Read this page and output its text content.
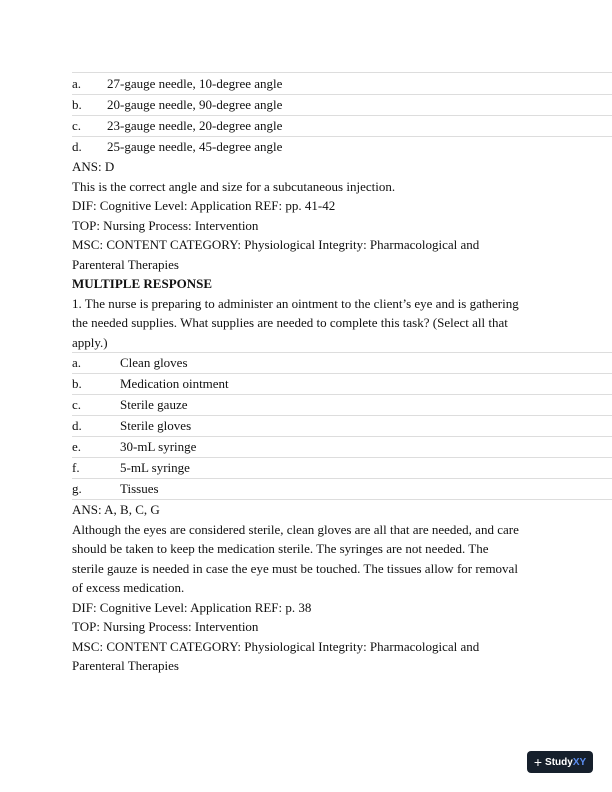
a.	27-gauge needle, 10-degree angle
b.	20-gauge needle, 90-degree angle
c.	23-gauge needle, 20-degree angle
d.	25-gauge needle, 45-degree angle
ANS: D
This is the correct angle and size for a subcutaneous injection.
DIF: Cognitive Level: Application REF: pp. 41-42
TOP: Nursing Process: Intervention
MSC: CONTENT CATEGORY: Physiological Integrity: Pharmacological and
Parenteral Therapies
MULTIPLE RESPONSE
1. The nurse is preparing to administer an ointment to the client’s eye and is gathering
the needed supplies. What supplies are needed to complete this task? (Select all that
apply.)
a.	Clean gloves
b.	Medication ointment
c.	Sterile gauze
d.	Sterile gloves
e.	30-mL syringe
f.	5-mL syringe
g.	Tissues
ANS: A, B, C, G
Although the eyes are considered sterile, clean gloves are all that are needed, and care
should be taken to keep the medication sterile. The syringes are not needed. The
sterile gauze is needed in case the eye must be touched. The tissues allow for removal
of excess medication.
DIF: Cognitive Level: Application REF: p. 38
TOP: Nursing Process: Intervention
MSC: CONTENT CATEGORY: Physiological Integrity: Pharmacological and
Parenteral Therapies
+ Study XY
